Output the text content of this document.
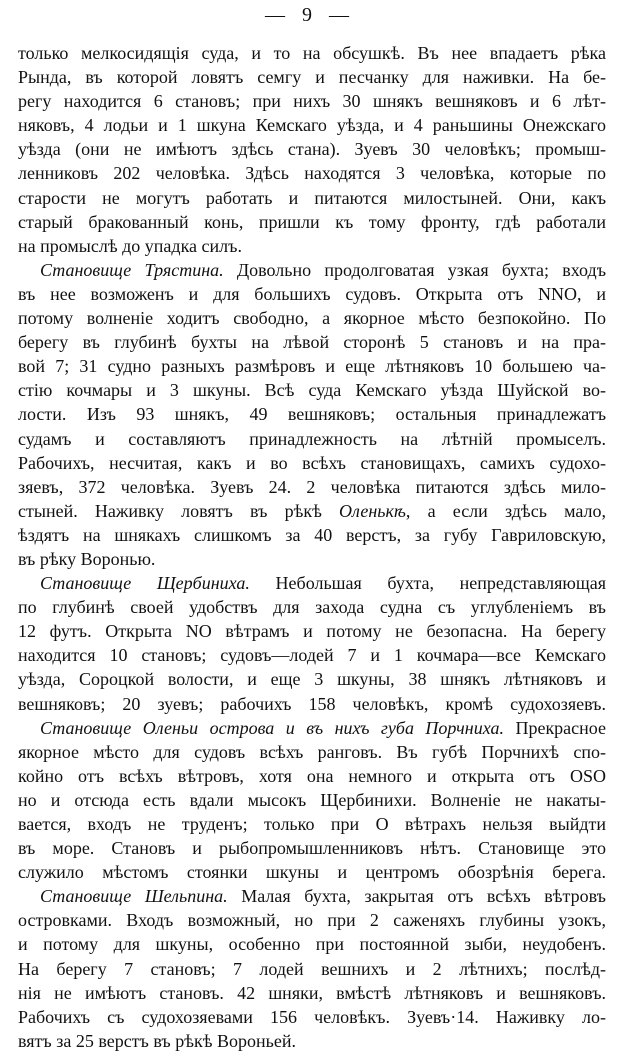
— 9 —
только мелкосидящія суда, и то на обсушкѣ. Въ нее впадаетъ рѣка
Рында, въ которой ловятъ семгу и песчанку для наживки. На бе-
регу находится 6 становъ; при нихъ 30 шнякъ вешняковъ и 6 лѣт-
няковъ, 4 лодьи и 1 шкуна Кемскаго уѣзда, и 4 раньшины Онежскаго
уѣзда (они не имѣютъ здѣсь стана). Зуевъ 30 человѣкъ; промыш-
ленниковъ 202 человѣка. Здѣсь находятся 3 человѣка, которые по
старости не могутъ работать и питаются милостыней. Они, какъ
старый бракованный конь, пришли къ тому фронту, гдѣ работали
на промыслѣ до упадка силъ.
Становище Трястина. Довольно продолговатая узкая бухта; входъ
въ нее возможенъ и для большихъ судовъ. Открыта отъ NNO, и
потому волненіе ходитъ свободно, а якорное мѣсто безпокойно. По
берегу въ глубинѣ бухты на лѣвой сторонѣ 5 становъ и на пра-
вой 7; 31 судно разныхъ размѣровъ и еще лѣтняковъ 10 большею ча-
стію кочмары и 3 шкуны. Всѣ суда Кемскаго уѣзда Шуйской во-
лости. Изъ 93 шнякъ, 49 вешняковъ; остальныя принадлежатъ
судамъ и составляютъ принадлежность на лѣтній промыселъ.
Рабочихъ, несчитая, какъ и во всѣхъ становищахъ, самихъ судохо-
зяевъ, 372 человѣка. Зуевъ 24. 2 человѣка питаются здѣсь мило-
стыней. Наживку ловятъ въ рѣкѣ Оленькѣ, а если здѣсь мало,
ѣздятъ на шнякахъ слишкомъ за 40 верстъ, за губу Гавриловскую,
въ рѣку Воронью.
Становище Щербиниха. Небольшая бухта, непредставляющая
по глубинѣ своей удобствъ для захода судна съ углубленіемъ въ
12 футъ. Открыта NO вѣтрамъ и потому не безопасна. На берегу
находится 10 становъ; судовъ—лодей 7 и 1 кочмара—все Кемскаго
уѣзда, Сороцкой волости, и еще 3 шкуны, 38 шнякъ лѣтняковъ и
вешняковъ; 20 зуевъ; рабочихъ 158 человѣкъ, кромѣ судохозяевъ.
Становище Оленьи острова и въ нихъ губа Порчниха. Прекрасное
якорное мѣсто для судовъ всѣхъ ранговъ. Въ губѣ Порчнихѣ спо-
койно отъ всѣхъ вѣтровъ, хотя она немного и открыта отъ OSO
но и отсюда есть вдали мысокъ Щербинихи. Волненіе не накаты-
вается, входъ не труденъ; только при O вѣтрахъ нельзя выйдти
въ море. Становъ и рыбопромышленниковъ нѣтъ. Становище это
служило мѣстомъ стоянки шкуны и центромъ обозрѣнія берега.
Становище Шельпина. Малая бухта, закрытая отъ всѣхъ вѣтровъ
островками. Входъ возможный, но при 2 саженяхъ глубины узокъ,
и потому для шкуны, особенно при постоянной зыби, неудобенъ.
На берегу 7 становъ; 7 лодей вешнихъ и 2 лѣтнихъ; послѣд-
нія не имѣютъ становъ. 42 шняки, вмѣстѣ лѣтняковъ и вешняковъ.
Рабочихъ съ судохозяевами 156 человѣкъ. Зуевъ·14. Наживку ло-
вятъ за 25 верстъ въ рѣкѣ Вороньей.
